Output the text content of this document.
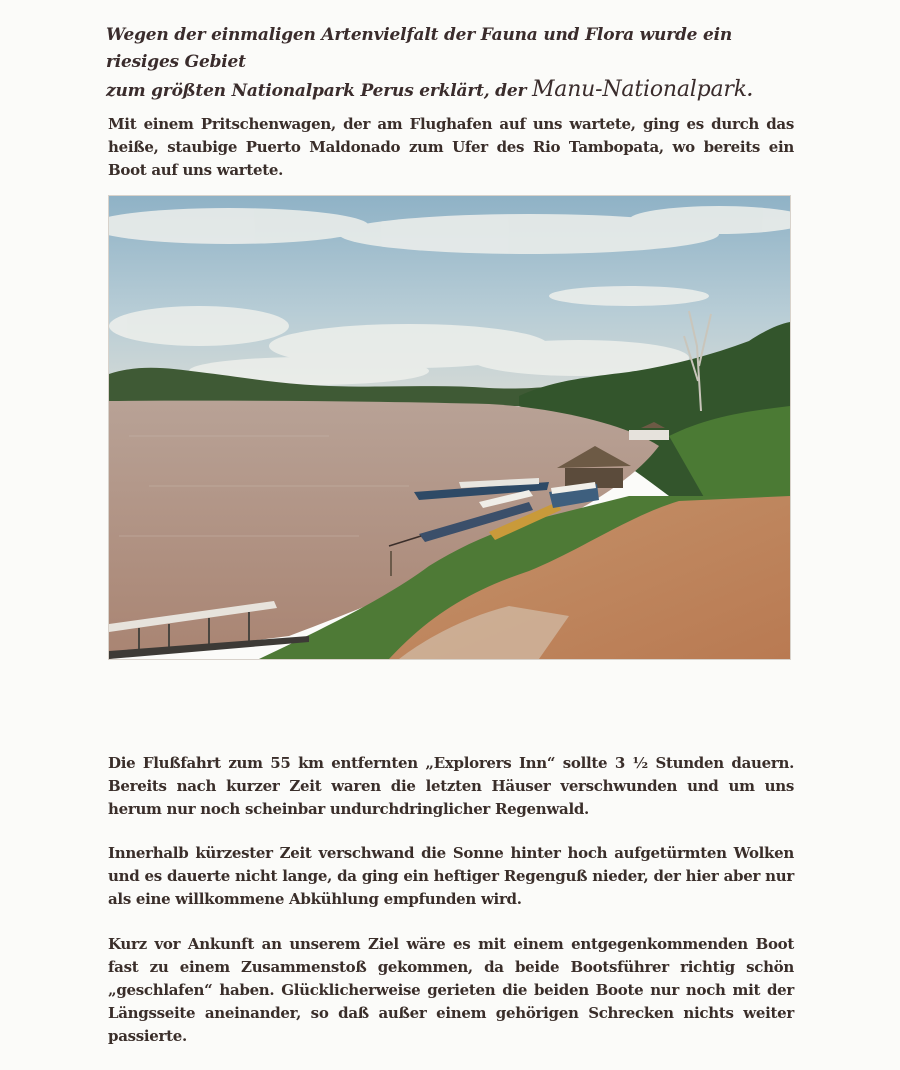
Wegen der einmaligen Artenvielfalt der Fauna und Flora wurde ein riesiges Gebiet
zum größten Nationalpark Perus erklärt, der Manu-Nationalpark.

Mit einem Pritschenwagen, der am Flughafen auf uns wartete, ging es durch das heiße, staubige Puerto Maldonado zum Ufer des Rio Tambopata, wo bereits ein Boot auf uns wartete.

Die Flußfahrt zum 55 km entfernten „Explorers Inn“ sollte 3 ½ Stunden dauern. Bereits nach kurzer Zeit waren die letzten Häuser verschwunden und um uns herum nur noch scheinbar undurchdringlicher Regenwald.

Innerhalb kürzester Zeit verschwand die Sonne hinter hoch aufgetürmten Wolken und es dauerte nicht lange, da ging ein heftiger Regenguß nieder, der hier aber nur als eine willkommene Abkühlung empfunden wird.

Kurz vor Ankunft an unserem Ziel wäre es mit einem entgegenkommenden Boot fast zu einem Zusammenstoß gekommen, da beide Bootsführer richtig schön „geschlafen“ haben. Glücklicherweise gerieten die beiden Boote nur noch mit der Längsseite aneinander, so daß außer einem gehörigen Schrecken nichts weiter passierte.
